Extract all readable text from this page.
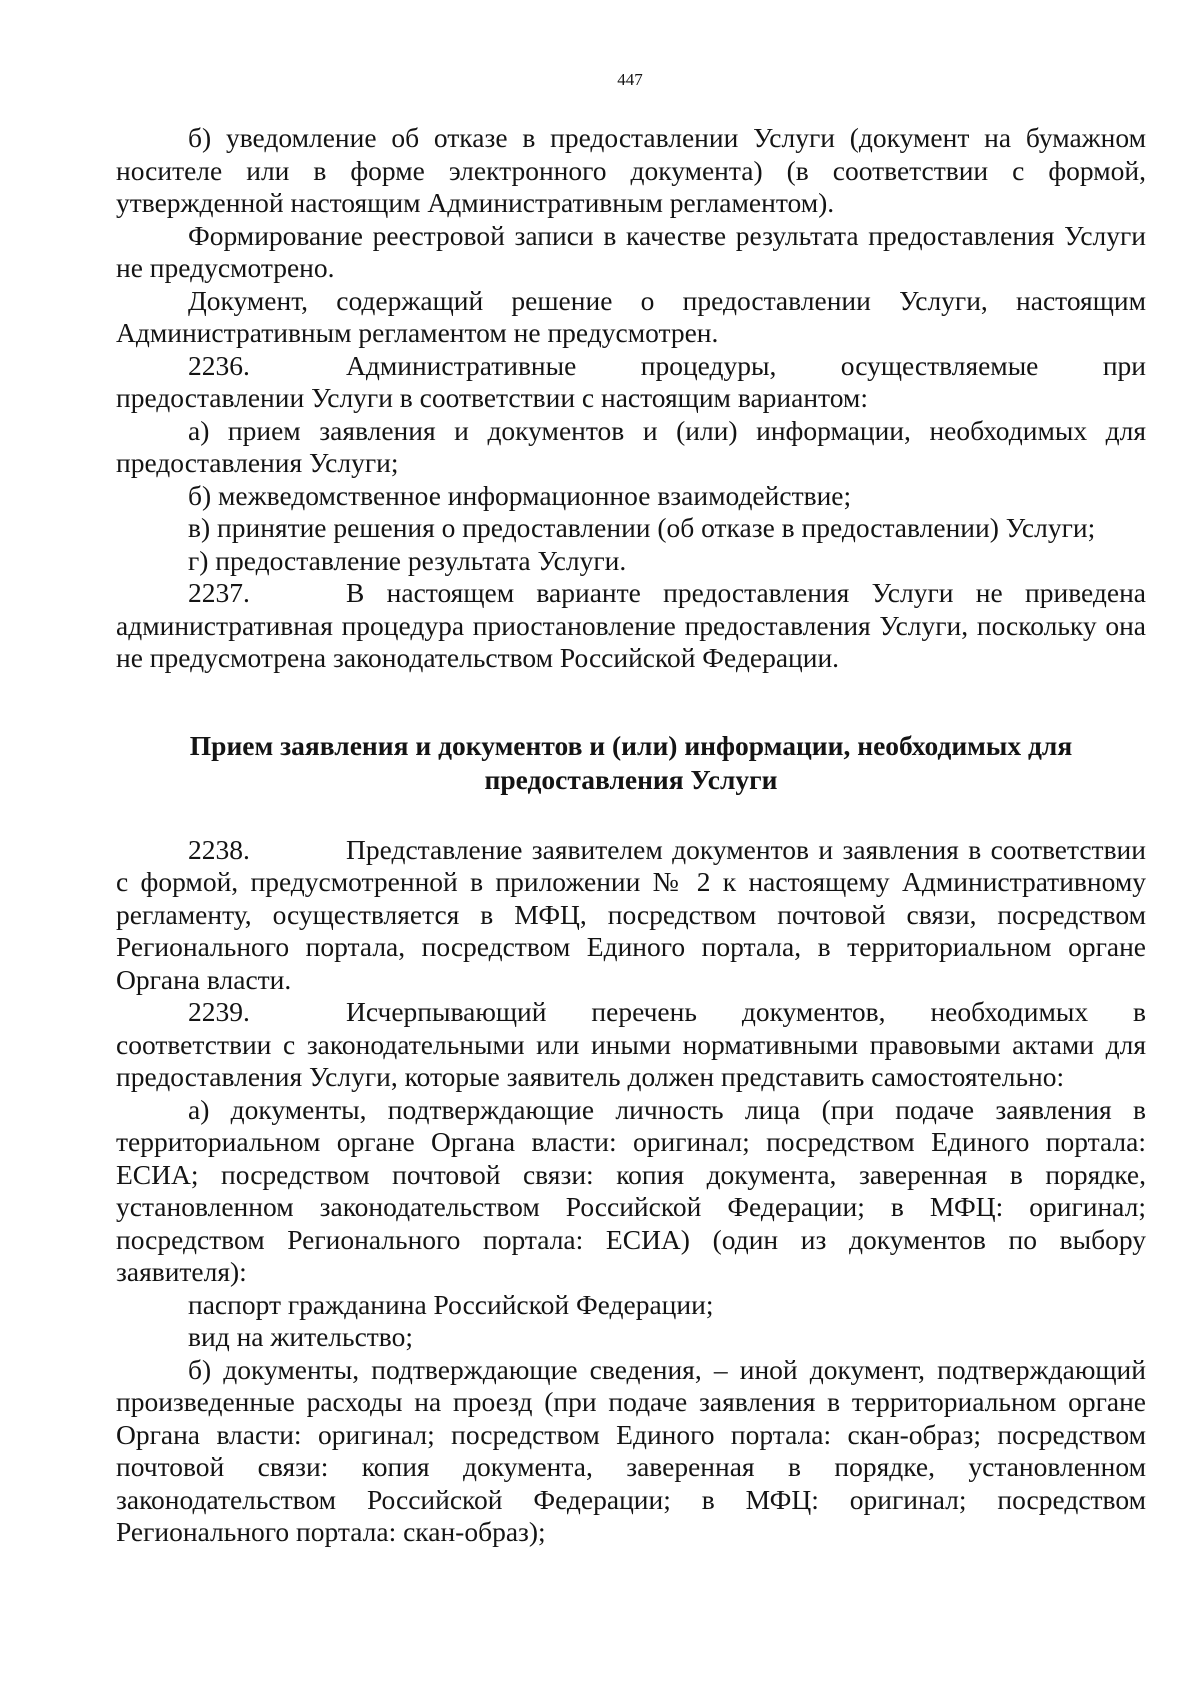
447

б) уведомление об отказе в предоставлении Услуги (документ на бумажном носителе или в форме электронного документа) (в соответствии с формой, утвержденной настоящим Административным регламентом).

Формирование реестровой записи в качестве результата предоставления Услуги не предусмотрено.

Документ, содержащий решение о предоставлении Услуги, настоящим Административным регламентом не предусмотрен.

2236.	Административные процедуры, осуществляемые при предоставлении Услуги в соответствии с настоящим вариантом:

а) прием заявления и документов и (или) информации, необходимых для предоставления Услуги;

б) межведомственное информационное взаимодействие;

в) принятие решения о предоставлении (об отказе в предоставлении) Услуги;

г) предоставление результата Услуги.

2237.	В настоящем варианте предоставления Услуги не приведена административная процедура приостановление предоставления Услуги, поскольку она не предусмотрена законодательством Российской Федерации.

Прием заявления и документов и (или) информации, необходимых для
предоставления Услуги

2238.	Представление заявителем документов и заявления в соответствии с формой, предусмотренной в приложении № 2 к настоящему Административному регламенту, осуществляется в МФЦ, посредством почтовой связи, посредством Регионального портала, посредством Единого портала, в территориальном органе Органа власти.

2239.	Исчерпывающий перечень документов, необходимых в соответствии с законодательными или иными нормативными правовыми актами для предоставления Услуги, которые заявитель должен представить самостоятельно:

а) документы, подтверждающие личность лица (при подаче заявления в территориальном органе Органа власти: оригинал; посредством Единого портала: ЕСИА; посредством почтовой связи: копия документа, заверенная в порядке, установленном законодательством Российской Федерации; в МФЦ: оригинал; посредством Регионального портала: ЕСИА) (один из документов по выбору заявителя):

паспорт гражданина Российской Федерации;

вид на жительство;

б) документы, подтверждающие сведения, – иной документ, подтверждающий произведенные расходы на проезд (при подаче заявления в территориальном органе Органа власти: оригинал; посредством Единого портала: скан-образ; посредством почтовой связи: копия документа, заверенная в порядке, установленном законодательством Российской Федерации; в МФЦ: оригинал; посредством Регионального портала: скан-образ);
